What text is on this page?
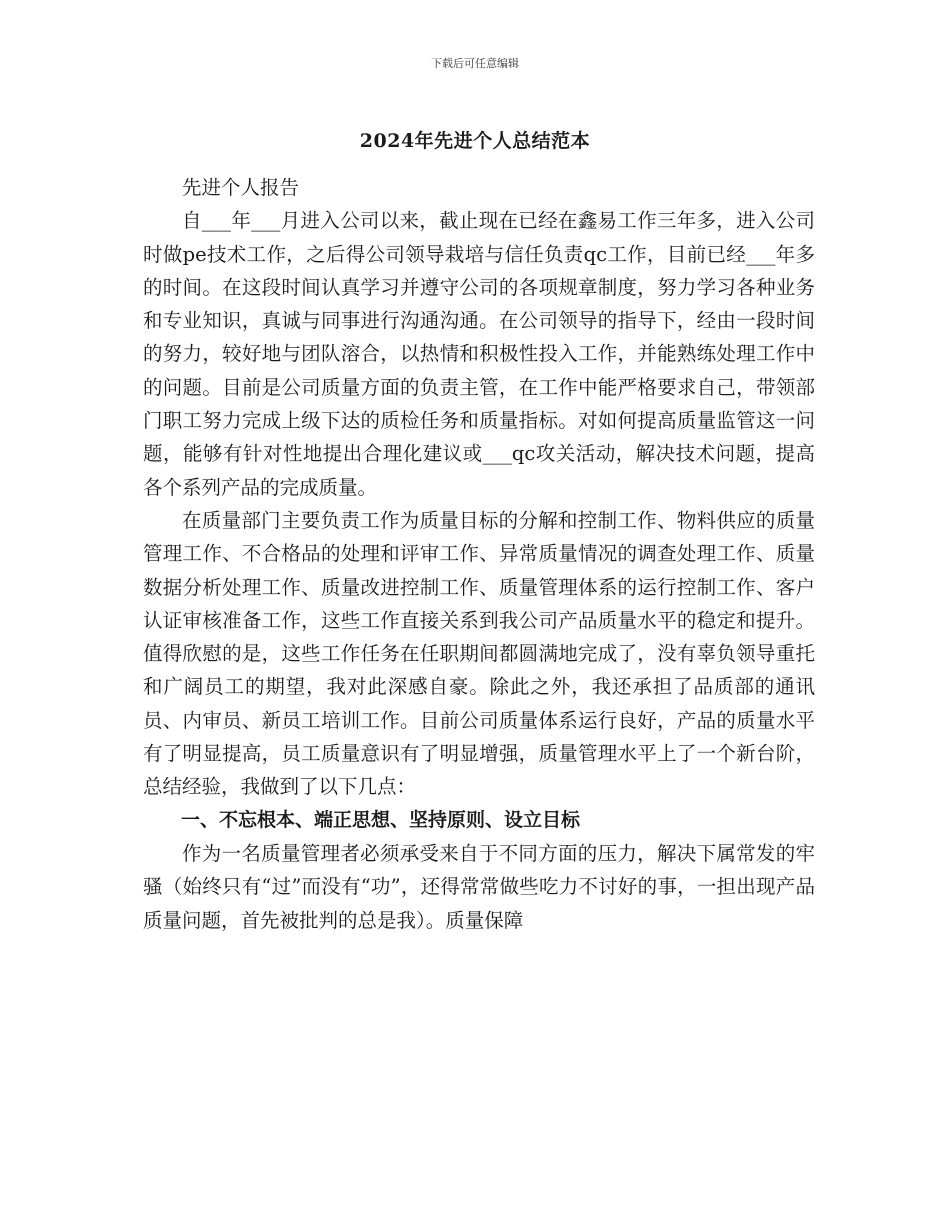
下载后可任意编辑
2024年先进个人总结范本

先进个人报告

自___年___月进入公司以来，截止现在已经在鑫易工作三年多，进入公司时做pe技术工作，之后得公司领导栽培与信任负责qc工作，目前已经___年多的时间。在这段时间认真学习并遵守公司的各项规章制度，努力学习各种业务和专业知识，真诚与同事进行沟通沟通。在公司领导的指导下，经由一段时间的努力，较好地与团队溶合，以热情和积极性投入工作，并能熟练处理工作中的问题。目前是公司质量方面的负责主管，在工作中能严格要求自己，带领部门职工努力完成上级下达的质检任务和质量指标。对如何提高质量监管这一问题，能够有针对性地提出合理化建议或___qc攻关活动，解决技术问题，提高各个系列产品的完成质量。

在质量部门主要负责工作为质量目标的分解和控制工作、物料供应的质量管理工作、不合格品的处理和评审工作、异常质量情况的调查处理工作、质量数据分析处理工作、质量改进控制工作、质量管理体系的运行控制工作、客户认证审核准备工作，这些工作直接关系到我公司产品质量水平的稳定和提升。值得欣慰的是，这些工作任务在任职期间都圆满地完成了，没有辜负领导重托和广阔员工的期望，我对此深感自豪。除此之外，我还承担了品质部的通讯员、内审员、新员工培训工作。目前公司质量体系运行良好，产品的质量水平有了明显提高，员工质量意识有了明显增强，质量管理水平上了一个新台阶，总结经验，我做到了以下几点：

一、不忘根本、端正思想、坚持原则、设立目标

作为一名质量管理者必须承受来自于不同方面的压力，解决下属常发的牢骚（始终只有“过”而没有“功”，还得常常做些吃力不讨好的事，一担出现产品质量问题，首先被批判的总是我）。质量保障
